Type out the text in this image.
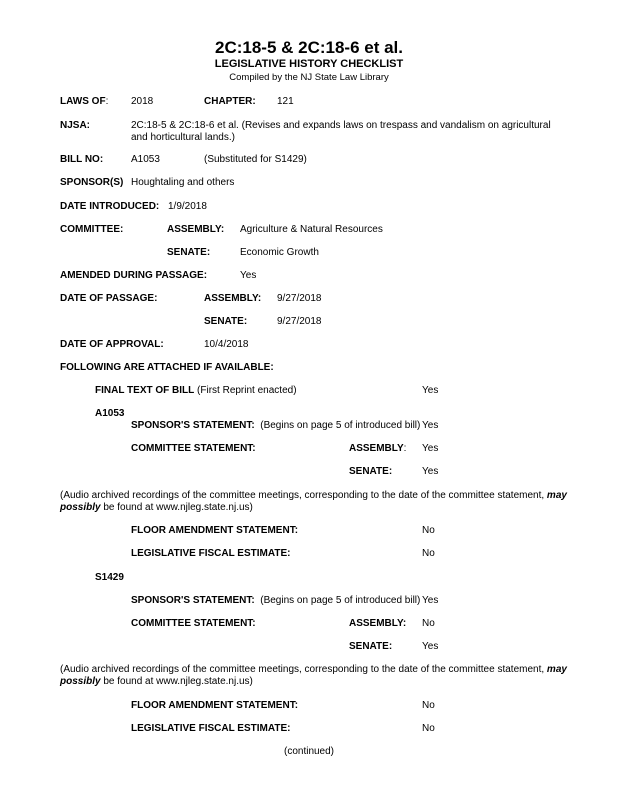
2C:18-5 & 2C:18-6 et al.
LEGISLATIVE HISTORY CHECKLIST
Compiled by the NJ State Law Library
LAWS OF: 2018	CHAPTER: 121
NJSA:	2C:18-5 & 2C:18-6 et al. (Revises and expands laws on trespass and vandalism on agricultural and horticultural lands.)
BILL NO:	A1053	(Substituted for S1429)
SPONSOR(S) Houghtaling and others
DATE INTRODUCED: 1/9/2018
COMMITTEE:	ASSEMBLY: Agriculture & Natural Resources
SENATE:	Economic Growth
AMENDED DURING PASSAGE:	Yes
DATE OF PASSAGE:	ASSEMBLY: 9/27/2018
SENATE:	9/27/2018
DATE OF APPROVAL:	10/4/2018
FOLLOWING ARE ATTACHED IF AVAILABLE:
FINAL TEXT OF BILL (First Reprint enacted)	Yes
A1053
SPONSOR'S STATEMENT:  (Begins on page 5 of introduced bill) Yes
COMMITTEE STATEMENT:	ASSEMBLY: Yes
SENATE:	Yes
(Audio archived recordings of the committee meetings, corresponding to the date of the committee statement, may possibly be found at www.njleg.state.nj.us)
FLOOR AMENDMENT STATEMENT:	No
LEGISLATIVE FISCAL ESTIMATE:	No
S1429
SPONSOR'S STATEMENT:  (Begins on page 5 of introduced bill) Yes
COMMITTEE STATEMENT:	ASSEMBLY: No
SENATE:	Yes
(Audio archived recordings of the committee meetings, corresponding to the date of the committee statement, may possibly be found at www.njleg.state.nj.us)
FLOOR AMENDMENT STATEMENT:	No
LEGISLATIVE FISCAL ESTIMATE:	No
(continued)
